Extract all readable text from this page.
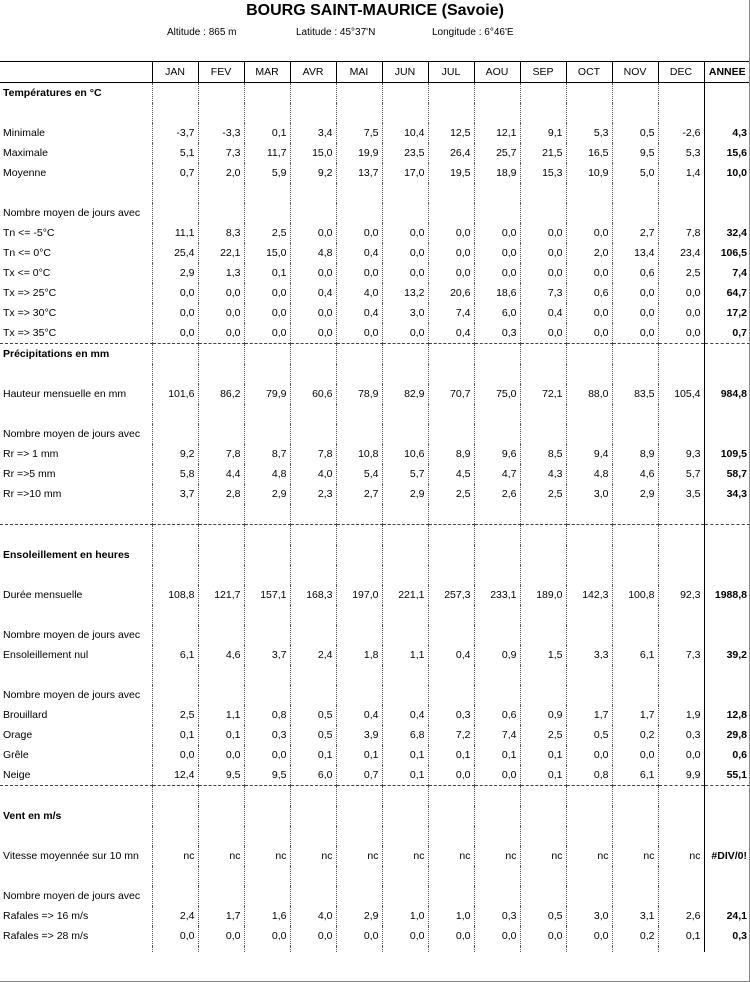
BOURG SAINT-MAURICE (Savoie)
Altitude : 865 m	Latitude : 45°37'N	Longitude : 6°46'E
	JAN	FEV	MAR	AVR	MAI	JUN	JUL	AOU	SEP	OCT	NOV	DEC	ANNEE
Températures en °C													

Minimale	-3,7	-3,3	0,1	3,4	7,5	10,4	12,5	12,1	9,1	5,3	0,5	-2,6	4,3
Maximale	5,1	7,3	11,7	15,0	19,9	23,5	26,4	25,7	21,5	16,5	9,5	5,3	15,6
Moyenne	0,7	2,0	5,9	9,2	13,7	17,0	19,5	18,9	15,3	10,9	5,0	1,4	10,0

Nombre moyen de jours avec													
Tn <= -5°C	11,1	8,3	2,5	0,0	0,0	0,0	0,0	0,0	0,0	0,0	2,7	7,8	32,4
Tn <= 0°C	25,4	22,1	15,0	4,8	0,4	0,0	0,0	0,0	0,0	2,0	13,4	23,4	106,5
Tx <= 0°C	2,9	1,3	0,1	0,0	0,0	0,0	0,0	0,0	0,0	0,0	0,6	2,5	7,4
Tx => 25°C	0,0	0,0	0,0	0,4	4,0	13,2	20,6	18,6	7,3	0,6	0,0	0,0	64,7
Tx => 30°C	0,0	0,0	0,0	0,0	0,4	3,0	7,4	6,0	0,4	0,0	0,0	0,0	17,2
Tx => 35°C	0,0	0,0	0,0	0,0	0,0	0,0	0,4	0,3	0,0	0,0	0,0	0,0	0,7
Précipitations en mm													

Hauteur mensuelle en mm	101,6	86,2	79,9	60,6	78,9	82,9	70,7	75,0	72,1	88,0	83,5	105,4	984,8

Nombre moyen de jours avec													
Rr => 1 mm	9,2	7,8	8,7	7,8	10,8	10,6	8,9	9,6	8,5	9,4	8,9	9,3	109,5
Rr =>5 mm	5,8	4,4	4,8	4,0	5,4	5,7	4,5	4,7	4,3	4,8	4,6	5,7	58,7
Rr =>10 mm	3,7	2,8	2,9	2,3	2,7	2,9	2,5	2,6	2,5	3,0	2,9	3,5	34,3

Ensoleillement en heures													

Durée mensuelle	108,8	121,7	157,1	168,3	197,0	221,1	257,3	233,1	189,0	142,3	100,8	92,3	1988,8

Nombre moyen de jours avec													
Ensoleillement nul	6,1	4,6	3,7	2,4	1,8	1,1	0,4	0,9	1,5	3,3	6,1	7,3	39,2

Nombre moyen de jours avec													
Brouillard	2,5	1,1	0,8	0,5	0,4	0,4	0,3	0,6	0,9	1,7	1,7	1,9	12,8
Orage	0,1	0,1	0,3	0,5	3,9	6,8	7,2	7,4	2,5	0,5	0,2	0,3	29,8
Grêle	0,0	0,0	0,0	0,1	0,1	0,1	0,1	0,1	0,1	0,0	0,0	0,0	0,6
Neige	12,4	9,5	9,5	6,0	0,7	0,1	0,0	0,0	0,1	0,8	6,1	9,9	55,1

Vent en m/s													

Vitesse moyennée sur 10 mn	nc	nc	nc	nc	nc	nc	nc	nc	nc	nc	nc	nc	#DIV/0!

Nombre moyen de jours avec													
Rafales => 16 m/s	2,4	1,7	1,6	4,0	2,9	1,0	1,0	0,3	0,5	3,0	3,1	2,6	24,1
Rafales => 28 m/s	0,0	0,0	0,0	0,0	0,0	0,0	0,0	0,0	0,0	0,0	0,2	0,1	0,3
